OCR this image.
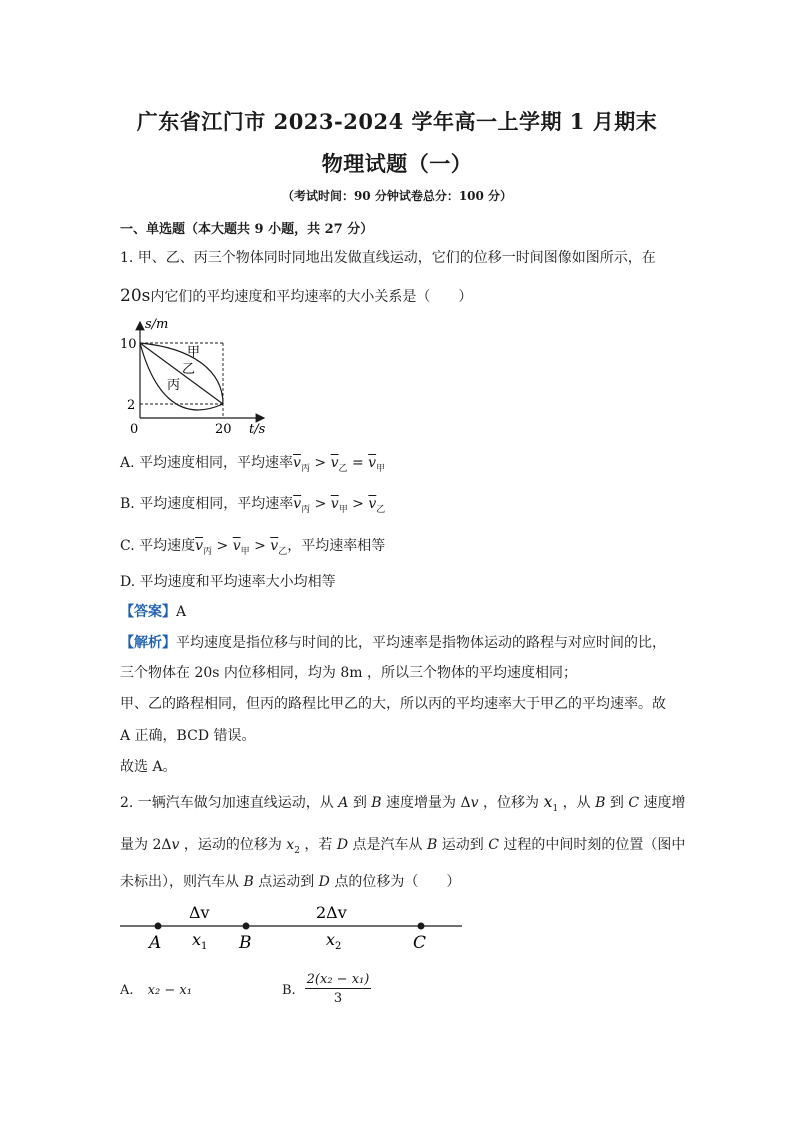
广东省江门市 2023-2024 学年高一上学期 1 月期末
物理试题（一）
（考试时间：90 分钟试卷总分：100 分）
一、单选题（本大题共 9 小题，共 27 分）
1. 甲、乙、丙三个物体同时同地出发做直线运动，它们的位移一时间图像如图所示，在
20s内它们的平均速度和平均速率的大小关系是（　　）
s/m
10
2
0	20 t/s
甲
乙
丙
A. 平均速度相同，平均速率$\overline{v}_丙 > \overline{v}_乙 = \overline{v}_甲$
B. 平均速度相同，平均速率$\overline{v}_丙 > \overline{v}_甲 > \overline{v}_乙$
C. 平均速度$\overline{v}_丙 > \overline{v}_甲 > \overline{v}_乙$，平均速率相等
D. 平均速度和平均速率大小均相等
【答案】A
【解析】平均速度是指位移与时间的比，平均速率是指物体运动的路程与对应时间的比，
三个物体在 20s 内位移相同，均为 8m ，所以三个物体的平均速度相同；
甲、乙的路程相同，但丙的路程比甲乙的大，所以丙的平均速率大于甲乙的平均速率。故
A 正确，BCD 错误。
故选 A。
2. 一辆汽车做匀加速直线运动，从 A 到 B 速度增量为 Δv ，位移为 $x_1$ ，从 B 到 C 速度增
量为 2Δv ，运动的位移为 $x_2$ ，若 D 点是汽车从 B 运动到 C 过程的中间时刻的位置（图中
未标出），则汽车从 B 点运动到 D 点的位移为（　　）
Δv	2Δv
A	B	C
x 1	x 2
A. x₂ − x₁	B. $\frac{\text{2(x₂ − x₁)}}{3}$
